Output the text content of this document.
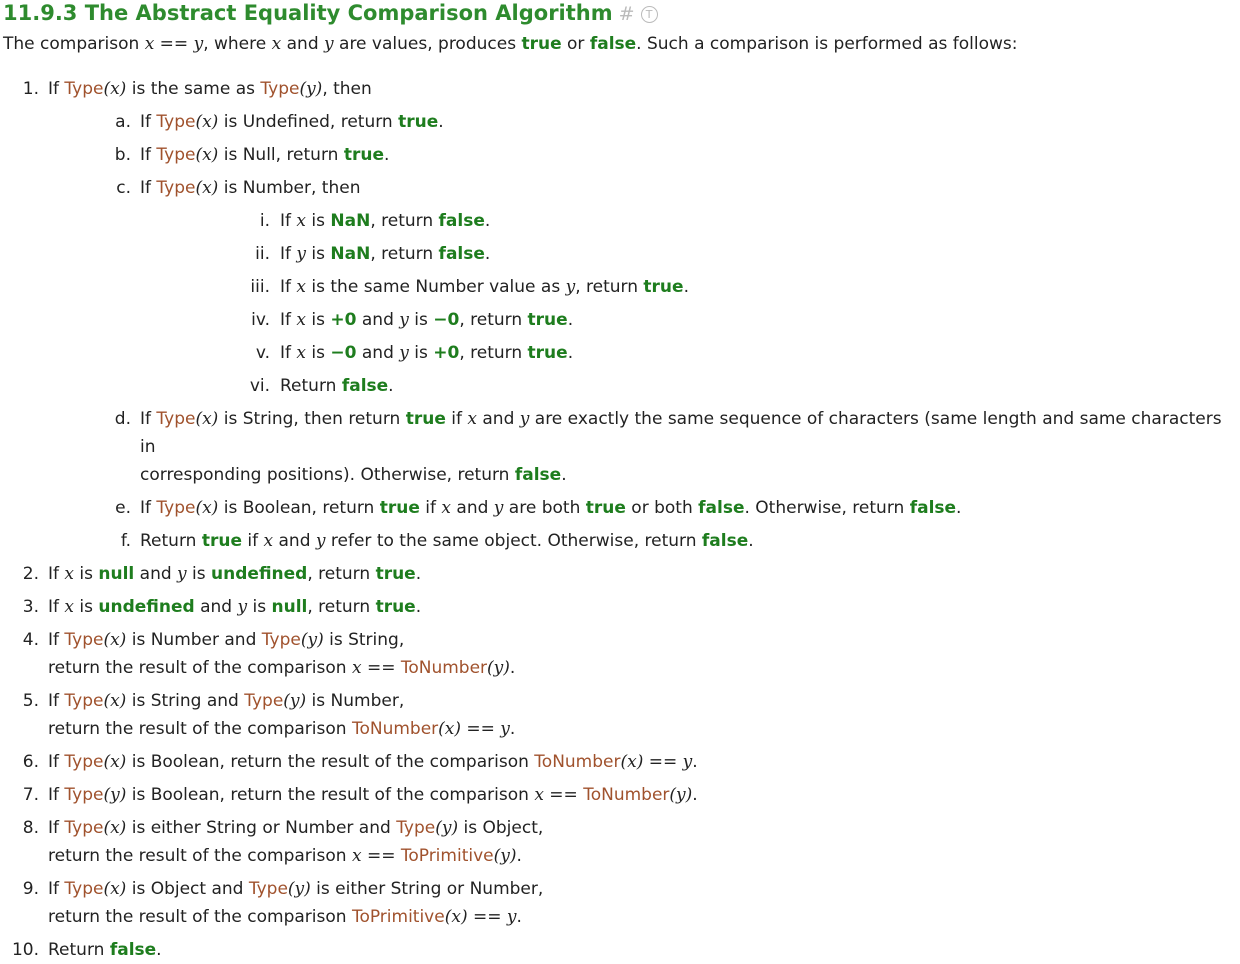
11.9.3 The Abstract Equality Comparison Algorithm # T
The comparison x == y, where x and y are values, produces true or false. Such a comparison is performed as follows:
1. If Type(x) is the same as Type(y), then
a. If Type(x) is Undefined, return true.
b. If Type(x) is Null, return true.
c. If Type(x) is Number, then
i. If x is NaN, return false.
ii. If y is NaN, return false.
iii. If x is the same Number value as y, return true.
iv. If x is +0 and y is −0, return true.
v. If x is −0 and y is +0, return true.
vi. Return false.
d. If Type(x) is String, then return true if x and y are exactly the same sequence of characters (same length and same characters in
corresponding positions). Otherwise, return false.
e. If Type(x) is Boolean, return true if x and y are both true or both false. Otherwise, return false.
f. Return true if x and y refer to the same object. Otherwise, return false.
2. If x is null and y is undefined, return true.
3. If x is undefined and y is null, return true.
4. If Type(x) is Number and Type(y) is String,
return the result of the comparison x == ToNumber(y).
5. If Type(x) is String and Type(y) is Number,
return the result of the comparison ToNumber(x) == y.
6. If Type(x) is Boolean, return the result of the comparison ToNumber(x) == y.
7. If Type(y) is Boolean, return the result of the comparison x == ToNumber(y).
8. If Type(x) is either String or Number and Type(y) is Object,
return the result of the comparison x == ToPrimitive(y).
9. If Type(x) is Object and Type(y) is either String or Number,
return the result of the comparison ToPrimitive(x) == y.
10. Return false.
